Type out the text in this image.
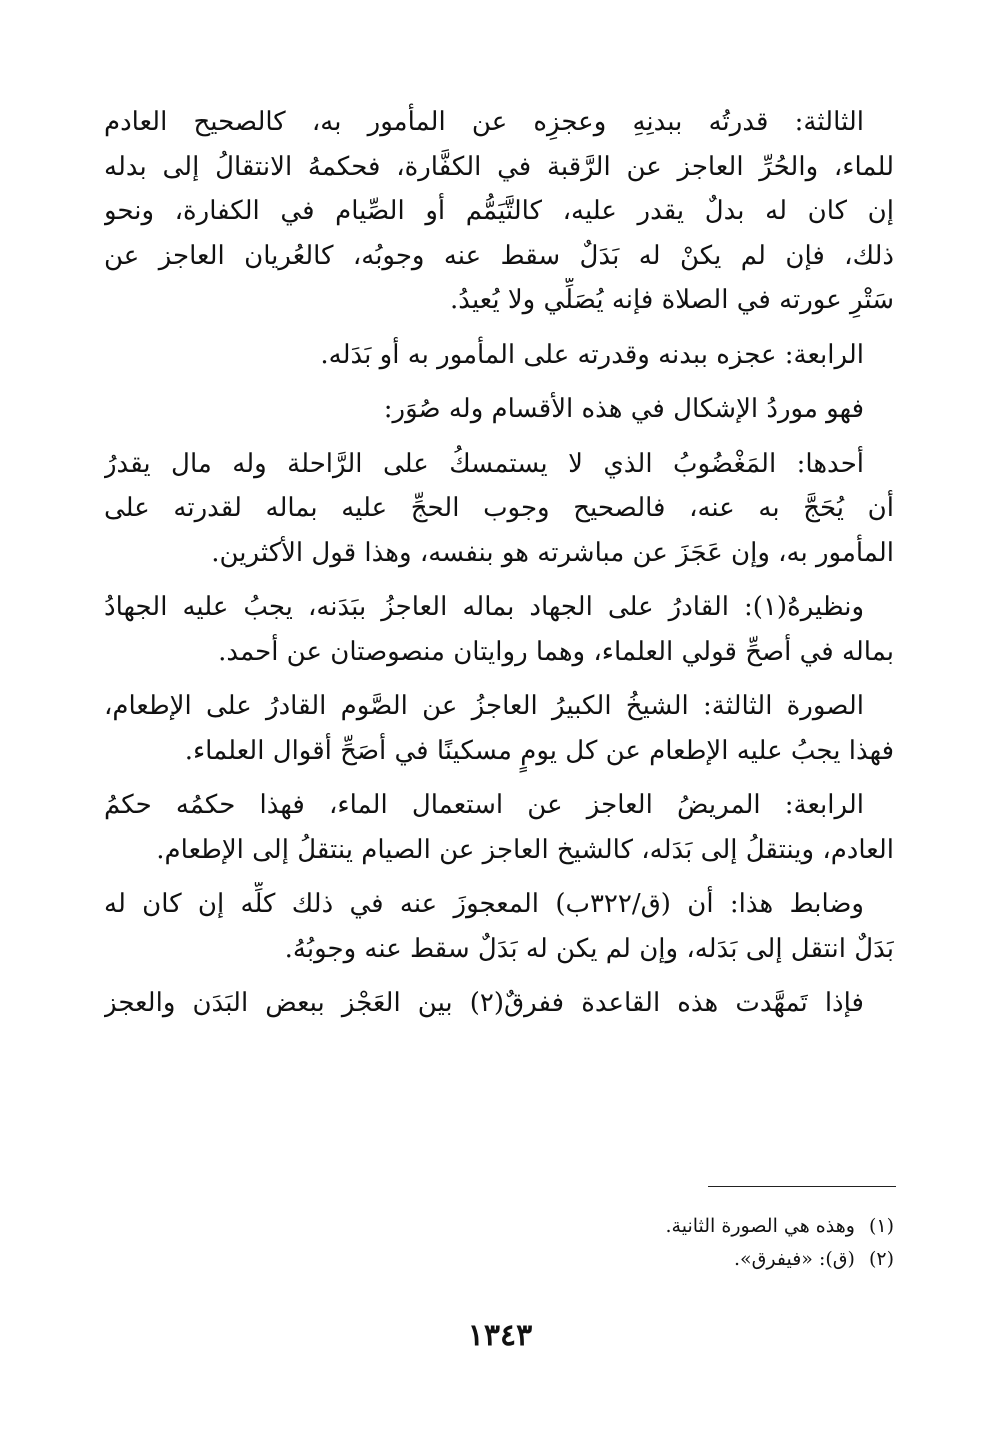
الثالثة: قدرتُه ببدنِهِ وعجزِه عن المأمور به، كالصحيح العادم
للماء، والحُرِّ العاجز عن الرَّقبة في الكفَّارة، فحكمهُ الانتقالُ إلى بدله
إن كان له بدلٌ يقدر عليه، كالتَّيَمُّم أو الصِّيام في الكفارة، ونحو
ذلك، فإن لم يكنْ له بَدَلٌ سقط عنه وجوبُه، كالعُريان العاجز عن
سَتْرِ عورته في الصلاة فإنه يُصَلِّي ولا يُعيدُ.
الرابعة: عجزه ببدنه وقدرته على المأمور به أو بَدَله.
فهو موردُ الإشكال في هذه الأقسام وله صُوَر:
أحدها: المَغْضُوبُ الذي لا يستمسكُ على الرَّاحلة وله مال يقدرُ
أن يُحَجَّ به عنه، فالصحيح وجوب الحجِّ عليه بماله لقدرته على
المأمور به، وإن عَجَزَ عن مباشرته هو بنفسه، وهذا قول الأكثرين.
ونظيرهُ(١): القادرُ على الجهاد بماله العاجزُ ببَدَنه، يجبُ عليه الجهادُ
بماله في أصحِّ قولي العلماء، وهما روايتان منصوصتان عن أحمد.
الصورة الثالثة: الشيخُ الكبيرُ العاجزُ عن الصَّوم القادرُ على الإطعام،
فهذا يجبُ عليه الإطعام عن كل يومٍ مسكينًا في أصَحِّ أقوال العلماء.
الرابعة: المريضُ العاجز عن استعمال الماء، فهذا حكمُه حكمُ
العادم، وينتقلُ إلى بَدَله، كالشيخ العاجز عن الصيام ينتقلُ إلى الإطعام.
وضابط هذا: أن (ق/٣٢٢ب) المعجوزَ عنه في ذلك كلِّه إن كان له
بَدَلٌ انتقل إلى بَدَله، وإن لم يكن له بَدَلٌ سقط عنه وجوبُهُ.
فإذا تَمهَّدت هذه القاعدة ففرقٌ(٢) بين العَجْز ببعض البَدَن والعجز
(١)وهذه هي الصورة الثانية.
(٢)(ق): «فيفرق».
١٣٤٣
